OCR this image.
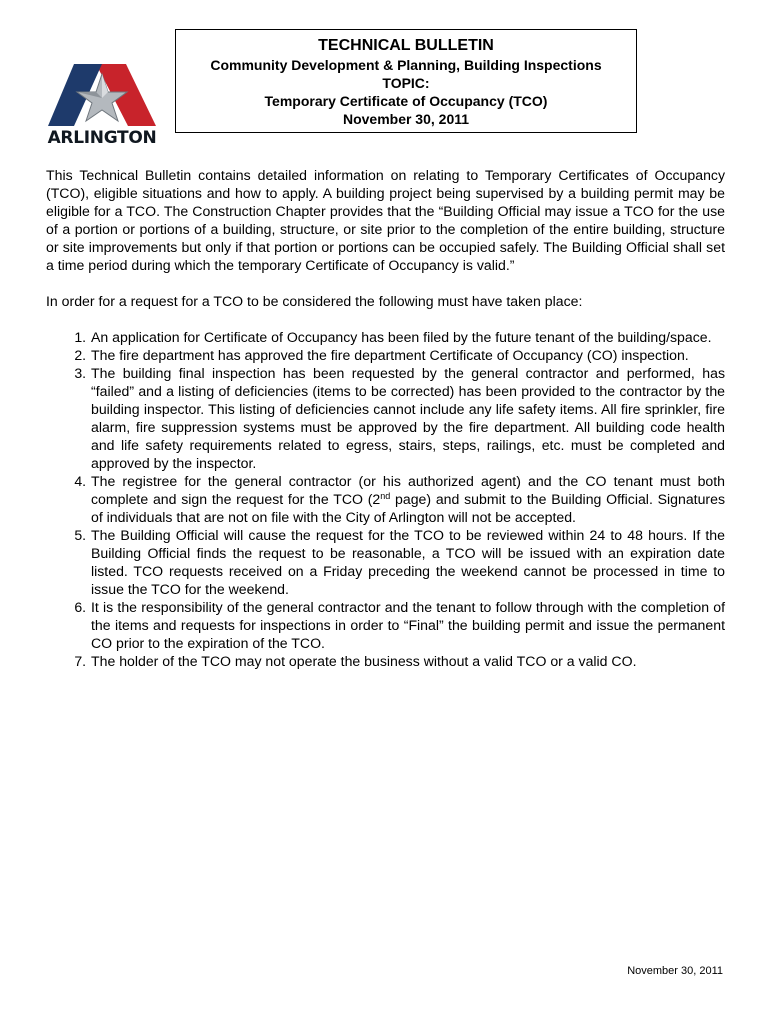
ARLINGTON
TECHNICAL BULLETIN
Community Development & Planning, Building Inspections
TOPIC:
Temporary Certificate of Occupancy (TCO)
November 30, 2011

This Technical Bulletin contains detailed information on relating to Temporary Certificates of Occupancy (TCO), eligible situations and how to apply. A building project being supervised by a building permit may be eligible for a TCO. The Construction Chapter provides that the “Building Official may issue a TCO for the use of a portion or portions of a building, structure, or site prior to the completion of the entire building, structure or site improvements but only if that portion or portions can be occupied safely. The Building Official shall set a time period during which the temporary Certificate of Occupancy is valid.”

In order for a request for a TCO to be considered the following must have taken place:

1. An application for Certificate of Occupancy has been filed by the future tenant of the building/space.
2. The fire department has approved the fire department Certificate of Occupancy (CO) inspection.
3. The building final inspection has been requested by the general contractor and performed, has “failed” and a listing of deficiencies (items to be corrected) has been provided to the contractor by the building inspector. This listing of deficiencies cannot include any life safety items. All fire sprinkler, fire alarm, fire suppression systems must be approved by the fire department. All building code health and life safety requirements related to egress, stairs, steps, railings, etc. must be completed and approved by the inspector.
4. The registree for the general contractor (or his authorized agent) and the CO tenant must both complete and sign the request for the TCO (2nd page) and submit to the Building Official. Signatures of individuals that are not on file with the City of Arlington will not be accepted.
5. The Building Official will cause the request for the TCO to be reviewed within 24 to 48 hours. If the Building Official finds the request to be reasonable, a TCO will be issued with an expiration date listed. TCO requests received on a Friday preceding the weekend cannot be processed in time to issue the TCO for the weekend.
6. It is the responsibility of the general contractor and the tenant to follow through with the completion of the items and requests for inspections in order to “Final” the building permit and issue the permanent CO prior to the expiration of the TCO.
7. The holder of the TCO may not operate the business without a valid TCO or a valid CO.
November 30, 2011
